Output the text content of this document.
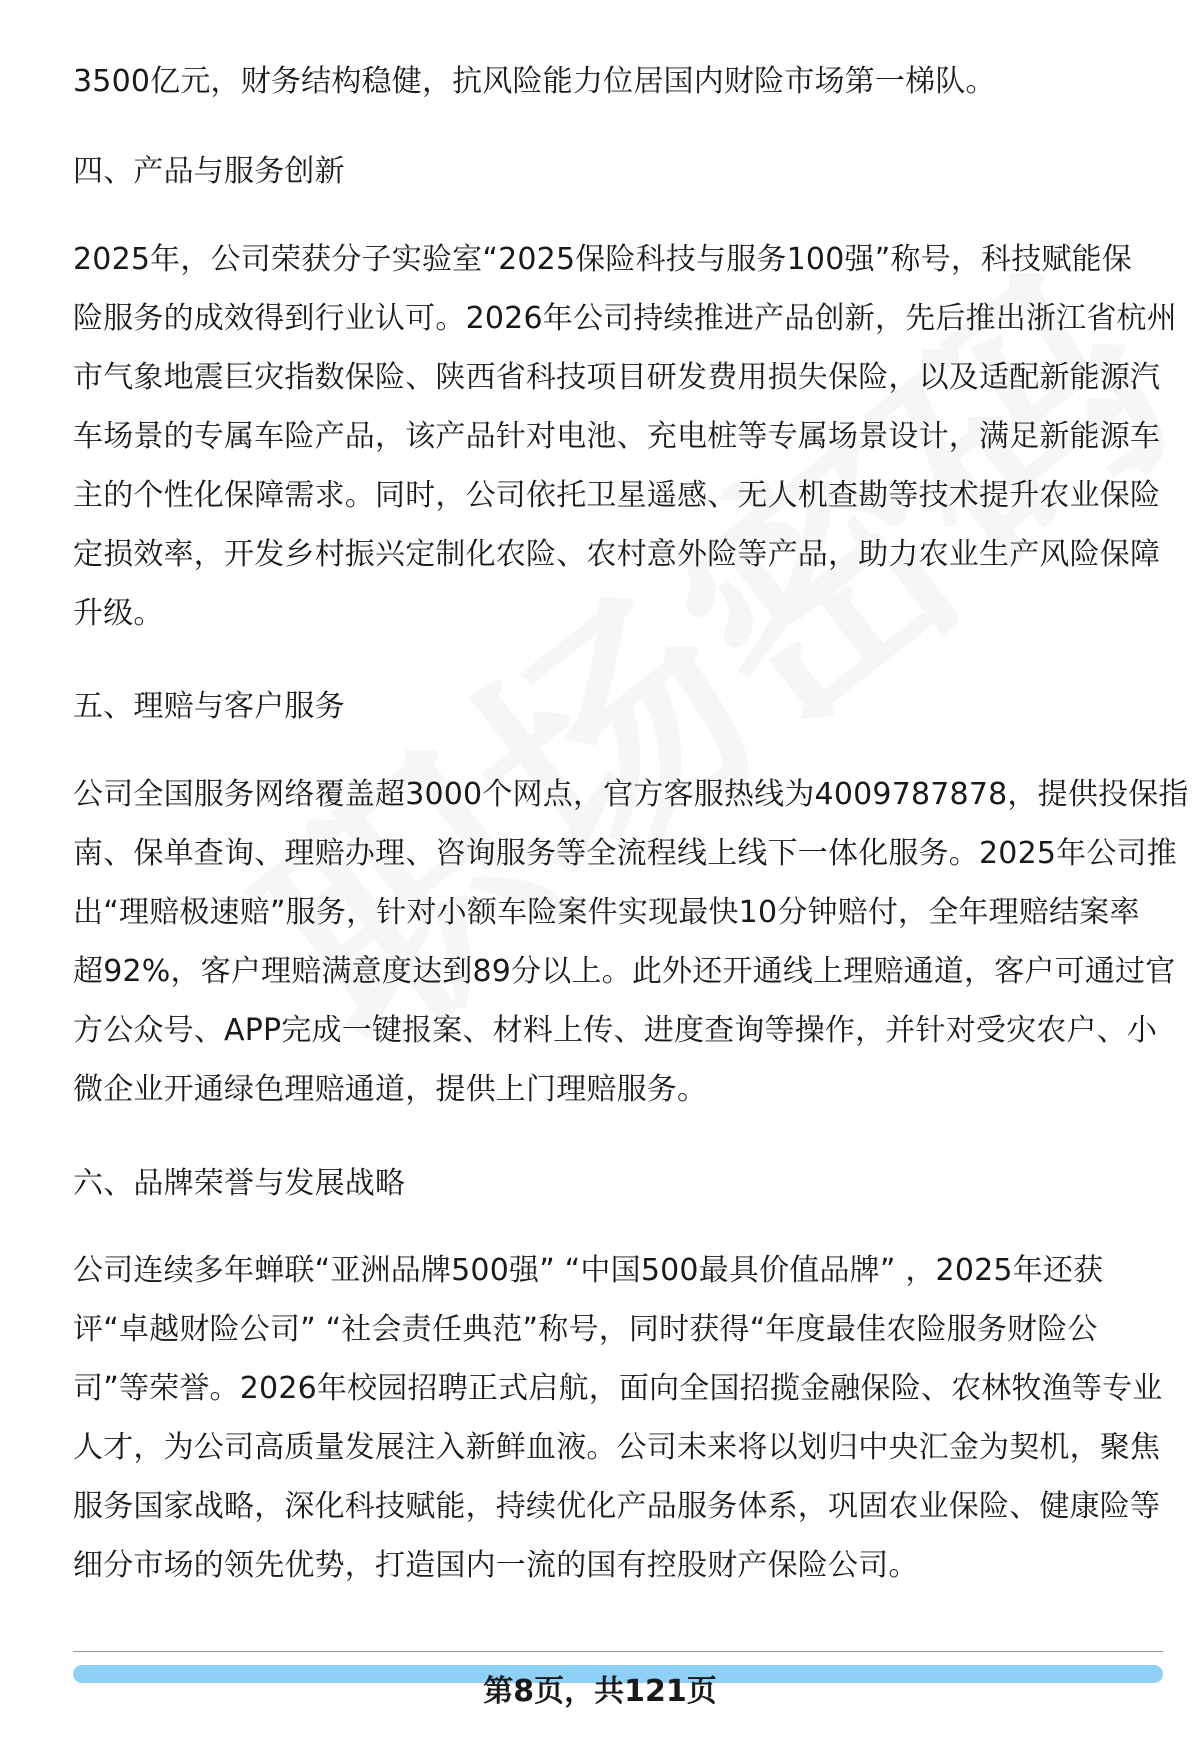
3500亿元，财务结构稳健，抗风险能力位居国内财险市场第一梯队。
四、产品与服务创新
2025年，公司荣获分子实验室“2025保险科技与服务100强”称号，科技赋能保
险服务的成效得到行业认可。2026年公司持续推进产品创新，先后推出浙江省杭州
市气象地震巨灾指数保险、陕西省科技项目研发费用损失保险，以及适配新能源汽
车场景的专属车险产品，该产品针对电池、充电桩等专属场景设计，满足新能源车
主的个性化保障需求。同时，公司依托卫星遥感、无人机查勘等技术提升农业保险
定损效率，开发乡村振兴定制化农险、农村意外险等产品，助力农业生产风险保障
升级。
五、理赔与客户服务
公司全国服务网络覆盖超3000个网点，官方客服热线为4009787878，提供投保指
南、保单查询、理赔办理、咨询服务等全流程线上线下一体化服务。2025年公司推
出“理赔极速赔”服务，针对小额车险案件实现最快10分钟赔付，全年理赔结案率
超92%，客户理赔满意度达到89分以上。此外还开通线上理赔通道，客户可通过官
方公众号、APP完成一键报案、材料上传、进度查询等操作，并针对受灾农户、小
微企业开通绿色理赔通道，提供上门理赔服务。
六、品牌荣誉与发展战略
公司连续多年蝉联“亚洲品牌500强” “中国500最具价值品牌” ，2025年还获
评“卓越财险公司” “社会责任典范”称号，同时获得“年度最佳农险服务财险公
司”等荣誉。2026年校园招聘正式启航，面向全国招揽金融保险、农林牧渔等专业
人才，为公司高质量发展注入新鲜血液。公司未来将以划归中央汇金为契机，聚焦
服务国家战略，深化科技赋能，持续优化产品服务体系，巩固农业保险、健康险等
细分市场的领先优势，打造国内一流的国有控股财产保险公司。
第8页，共121页
